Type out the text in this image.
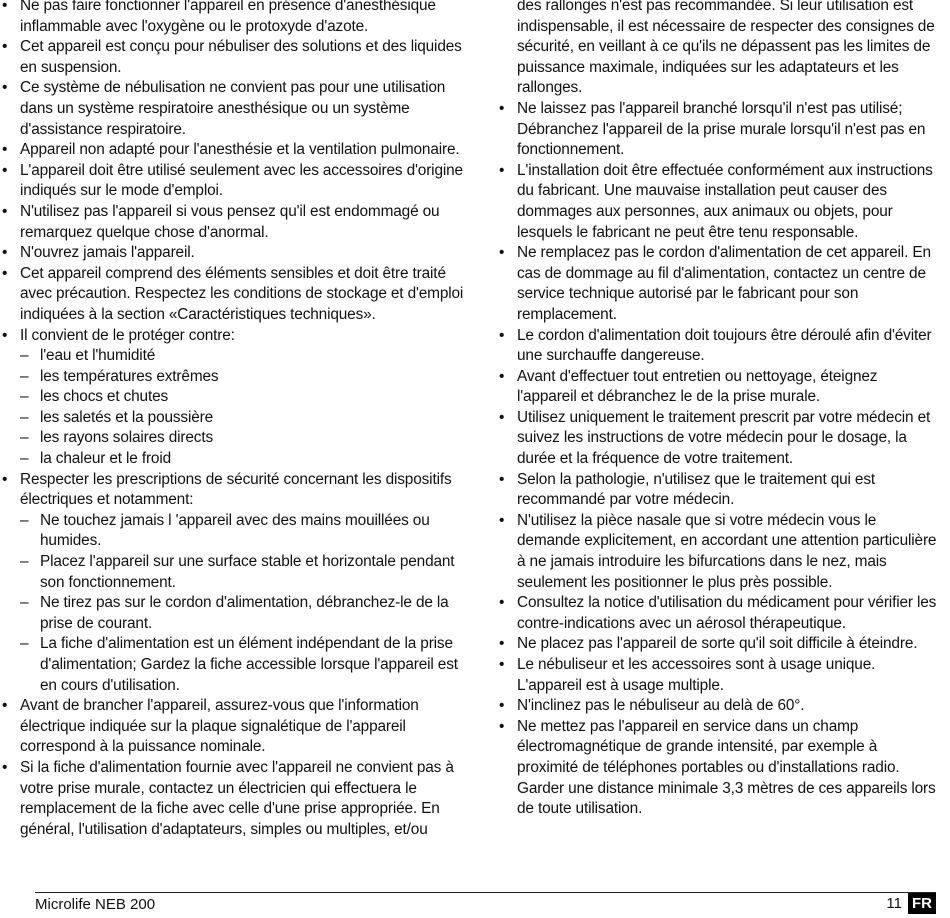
• Ne pas faire fonctionner l'appareil en présence d'anesthésique inflammable avec l'oxygène ou le protoxyde d'azote.
• Cet appareil est conçu pour nébuliser des solutions et des liquides en suspension.
• Ce système de nébulisation ne convient pas pour une utilisation dans un système respiratoire anesthésique ou un système d'assistance respiratoire.
• Appareil non adapté pour l'anesthésie et la ventilation pulmonaire.
• L'appareil doit être utilisé seulement avec les accessoires d'origine indiqués sur le mode d'emploi.
• N'utilisez pas l'appareil si vous pensez qu'il est endommagé ou remarquez quelque chose d'anormal.
• N'ouvrez jamais l'appareil.
• Cet appareil comprend des éléments sensibles et doit être traité avec précaution. Respectez les conditions de stockage et d'emploi indiquées à la section «Caractéristiques techniques».
• Il convient de le protéger contre:
– l'eau et l'humidité
– les températures extrêmes
– les chocs et chutes
– les saletés et la poussière
– les rayons solaires directs
– la chaleur et le froid
• Respecter les prescriptions de sécurité concernant les dispositifs électriques et notamment:
– Ne touchez jamais l 'appareil avec des mains mouillées ou humides.
– Placez l'appareil sur une surface stable et horizontale pendant son fonctionnement.
– Ne tirez pas sur le cordon d'alimentation, débranchez-le de la prise de courant.
– La fiche d'alimentation est un élément indépendant de la prise d'alimentation; Gardez la fiche accessible lorsque l'appareil est en cours d'utilisation.
• Avant de brancher l'appareil, assurez-vous que l'information électrique indiquée sur la plaque signalétique de l'appareil correspond à la puissance nominale.
• Si la fiche d'alimentation fournie avec l'appareil ne convient pas à votre prise murale, contactez un électricien qui effectuera le remplacement de la fiche avec celle d'une prise appropriée. En général, l'utilisation d'adaptateurs, simples ou multiples, et/ou
des rallonges n'est pas recommandée. Si leur utilisation est indispensable, il est nécessaire de respecter des consignes de sécurité, en veillant à ce qu'ils ne dépassent pas les limites de puissance maximale, indiquées sur les adaptateurs et les rallonges.
• Ne laissez pas l'appareil branché lorsqu'il n'est pas utilisé; Débranchez l'appareil de la prise murale lorsqu'il n'est pas en fonctionnement.
• L'installation doit être effectuée conformément aux instructions du fabricant. Une mauvaise installation peut causer des dommages aux personnes, aux animaux ou objets, pour lesquels le fabricant ne peut être tenu responsable.
• Ne remplacez pas le cordon d'alimentation de cet appareil. En cas de dommage au fil d'alimentation, contactez un centre de service technique autorisé par le fabricant pour son remplacement.
• Le cordon d'alimentation doit toujours être déroulé afin d'éviter une surchauffe dangereuse.
• Avant d'effectuer tout entretien ou nettoyage, éteignez l'appareil et débranchez le de la prise murale.
• Utilisez uniquement le traitement prescrit par votre médecin et suivez les instructions de votre médecin pour le dosage, la durée et la fréquence de votre traitement.
• Selon la pathologie, n'utilisez que le traitement qui est recommandé par votre médecin.
• N'utilisez la pièce nasale que si votre médecin vous le demande explicitement, en accordant une attention particulière à ne jamais introduire les bifurcations dans le nez, mais seulement les positionner le plus près possible.
• Consultez la notice d'utilisation du médicament pour vérifier les contre-indications avec un aérosol thérapeutique.
• Ne placez pas l'appareil de sorte qu'il soit difficile à éteindre.
• Le nébuliseur et les accessoires sont à usage unique. L'appareil est à usage multiple.
• N'inclinez pas le nébuliseur au delà de 60°.
• Ne mettez pas l'appareil en service dans un champ électromagnétique de grande intensité, par exemple à proximité de téléphones portables ou d'installations radio. Garder une distance minimale 3,3 mètres de ces appareils lors de toute utilisation.
Microlife NEB 200	11 FR
